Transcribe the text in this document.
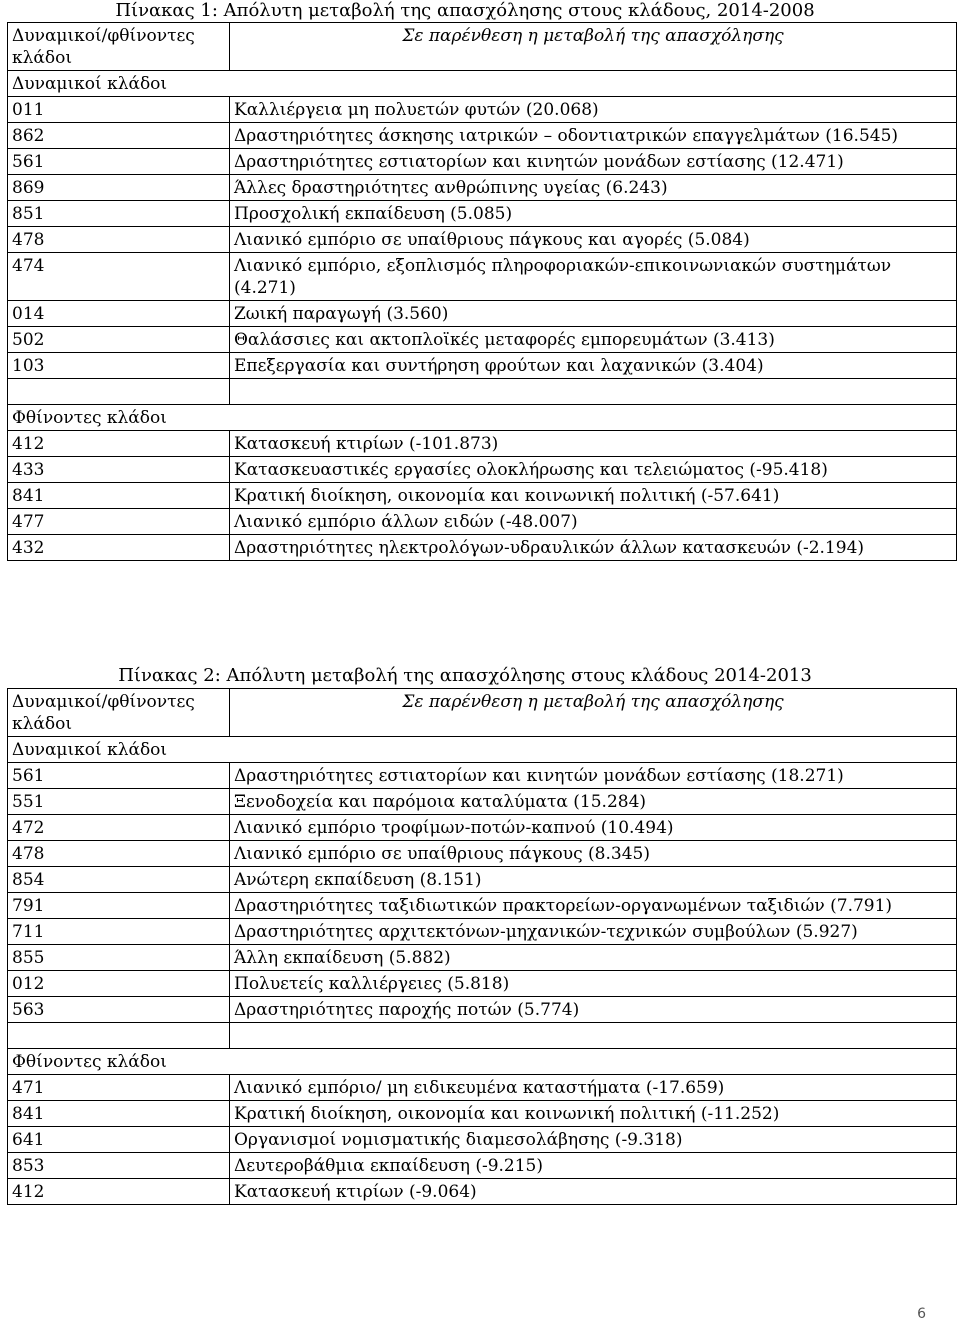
Πίνακας 1: Απόλυτη μεταβολή της απασχόλησης στους κλάδους, 2014-2008
Δυναμικοί/φθίνοντες κλάδοι	Σε παρένθεση η μεταβολή της απασχόλησης
Δυναμικοί κλάδοι	
011	Καλλιέργεια μη πολυετών φυτών (20.068)
862	Δραστηριότητες άσκησης ιατρικών – οδοντιατρικών επαγγελμάτων (16.545)
561	Δραστηριότητες εστιατορίων και κινητών μονάδων εστίασης (12.471)
869	Άλλες δραστηριότητες ανθρώπινης υγείας (6.243)
851	Προσχολική εκπαίδευση (5.085)
478	Λιανικό εμπόριο σε υπαίθριους πάγκους και αγορές (5.084)
474	Λιανικό εμπόριο, εξοπλισμός πληροφοριακών-επικοινωνιακών συστημάτων (4.271)
014	Ζωική παραγωγή (3.560)
502	Θαλάσσιες και ακτοπλοϊκές μεταφορές εμπορευμάτων (3.413)
103	Επεξεργασία και συντήρηση φρούτων και λαχανικών (3.404)

Φθίνοντες κλάδοι	
412	Κατασκευή κτιρίων (-101.873)
433	Κατασκευαστικές εργασίες ολοκλήρωσης και τελειώματος (-95.418)
841	Κρατική διοίκηση, οικονομία και κοινωνική πολιτική (-57.641)
477	Λιανικό εμπόριο άλλων ειδών (-48.007)
432	Δραστηριότητες ηλεκτρολόγων-υδραυλικών άλλων κατασκευών (-2.194)
Πίνακας 2: Απόλυτη μεταβολή της απασχόλησης στους κλάδους 2014-2013
Δυναμικοί/φθίνοντες κλάδοι	Σε παρένθεση η μεταβολή της απασχόλησης
Δυναμικοί κλάδοι	
561	Δραστηριότητες εστιατορίων και κινητών μονάδων εστίασης (18.271)
551	Ξενοδοχεία και παρόμοια καταλύματα (15.284)
472	Λιανικό εμπόριο τροφίμων-ποτών-καπνού (10.494)
478	Λιανικό εμπόριο σε υπαίθριους πάγκους (8.345)
854	Ανώτερη εκπαίδευση (8.151)
791	Δραστηριότητες ταξιδιωτικών πρακτορείων-οργανωμένων ταξιδιών (7.791)
711	Δραστηριότητες αρχιτεκτόνων-μηχανικών-τεχνικών συμβούλων (5.927)
855	Άλλη εκπαίδευση (5.882)
012	Πολυετείς καλλιέργειες (5.818)
563	Δραστηριότητες παροχής ποτών (5.774)

Φθίνοντες κλάδοι	
471	Λιανικό εμπόριο/ μη ειδικευμένα καταστήματα (-17.659)
841	Κρατική διοίκηση, οικονομία και κοινωνική πολιτική (-11.252)
641	Οργανισμοί νομισματικής διαμεσολάβησης (-9.318)
853	Δευτεροβάθμια εκπαίδευση (-9.215)
412	Κατασκευή κτιρίων (-9.064)
6
